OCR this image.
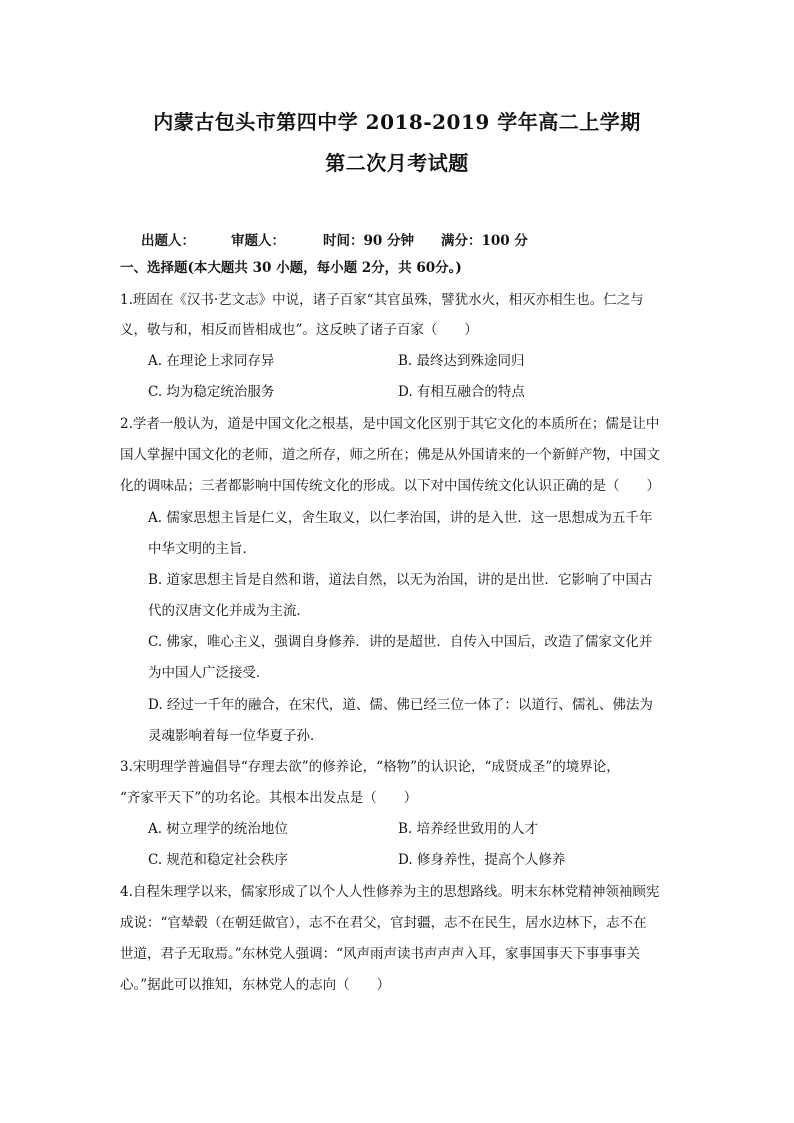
内蒙古包头市第四中学 2018-2019 学年高二上学期
第二次月考试题
出题人：	审题人：	时间：90 分钟 满分：100 分
一、选择题(本大题共 30 小题，每小题 2分，共 60分。)
1.班固在《汉书·艺文志》中说，诸子百家“其官虽殊，譬犹水火，相灭亦相生也。仁之与
义，敬与和，相反而皆相成也”。这反映了诸子百家（　　）
A. 在理论上求同存异	B. 最终达到殊途同归
C. 均为稳定统治服务	D. 有相互融合的特点
2.学者一般认为，道是中国文化之根基，是中国文化区别于其它文化的本质所在；儒是让中
国人掌握中国文化的老师，道之所存，师之所在；佛是从外国请来的一个新鲜产物，中国文
化的调味品；三者都影响中国传统文化的形成。以下对中国传统文化认识正确的是（　　）
A. 儒家思想主旨是仁义，舍生取义，以仁孝治国，讲的是入世．这一思想成为五千年
中华文明的主旨．
B. 道家思想主旨是自然和谐，道法自然，以无为治国，讲的是出世．它影响了中国古
代的汉唐文化并成为主流．
C. 佛家，唯心主义，强调自身修养．讲的是超世．自传入中国后，改造了儒家文化并
为中国人广泛接受．
D. 经过一千年的融合，在宋代，道、儒、佛已经三位一体了：以道行、儒礼、佛法为
灵魂影响着每一位华夏子孙．
3.宋明理学普遍倡导“存理去欲”的修养论，“格物”的认识论，“成贤成圣”的境界论，
“齐家平天下”的功名论。其根本出发点是（　　）
A. 树立理学的统治地位	B. 培养经世致用的人才
C. 规范和稳定社会秩序	D. 修身养性，提高个人修养
4.自程朱理学以来，儒家形成了以个人人性修养为主的思想路线。明末东林党精神领袖顾宪
成说：“官辇毂（在朝廷做官），志不在君父，官封疆，志不在民生，居水边林下，志不在
世道，君子无取焉。”东林党人强调：“风声雨声读书声声声入耳，家事国事天下事事事关
心。”据此可以推知，东林党人的志向（　　）
